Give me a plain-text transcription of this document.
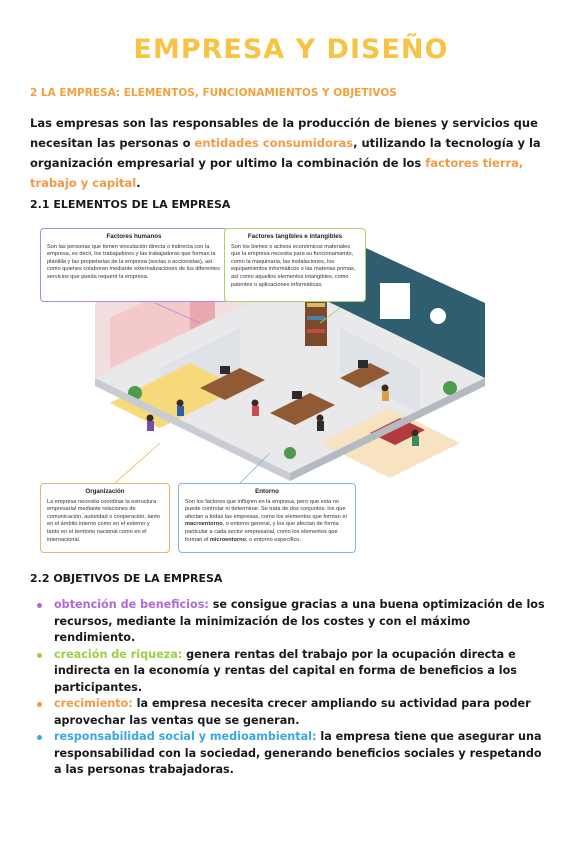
EMPRESA Y DISEÑO
2 LA EMPRESA: ELEMENTOS, FUNCIONAMIENTOS Y OBJETIVOS
Las empresas son las responsables de la producción de bienes y servicios que necesitan las personas o entidades consumidoras, utilizando la tecnología y la organización empresarial y por ultimo la combinación de los factores tierra, trabajo y capital.
2.1 ELEMENTOS DE LA EMPRESA
Factores humanos
Son las personas que tienen vinculación directa o indirecta con la empresa, es decir, los trabajadores y las trabajadoras que forman la plantilla y las propietarias de la empresa (socias o accionistas), así como quienes colaboran mediante externalizaciones de los diferentes servicios que pueda requerir la empresa.
Factores tangibles e intangibles
Son los bienes o activos económicos materiales que la empresa necesita para su funcionamiento, como la maquinaria, las instalaciones, los equipamientos informáticos o las materias primas, así como aquellos elementos intangibles, como patentes o aplicaciones informáticas.
Organización
La empresa necesita coordinar la estructura empresarial mediante relaciones de comunicación, autoridad o cooperación, tanto en el ámbito interno como en el externo y tanto en el territorio nacional como en el internacional.
Entorno
Son los factores que influyen en la empresa, pero que esta no puede controlar ni determinar. Se trata de dos conjuntos: los que afectan a todas las empresas, como los elementos que forman el macroentorno, o entorno general, y los que afectan de forma particular a cada sector empresarial, como los elementos que forman el microentorno, o entorno específico.
2.2 OBJETIVOS DE LA EMPRESA
obtención de beneficios: se consigue gracias a una buena optimización de los recursos, mediante la minimización de los costes y con el máximo rendimiento.
creación de riqueza: genera rentas del trabajo por la ocupación directa e indirecta en la economía y rentas del capital en forma de beneficios a los participantes.
crecimiento: la empresa necesita crecer ampliando su actividad para poder aprovechar las ventas que se generan.
responsabilidad social y medioambiental: la empresa tiene que asegurar una responsabilidad con la sociedad, generando beneficios sociales y respetando a las personas trabajadoras.
